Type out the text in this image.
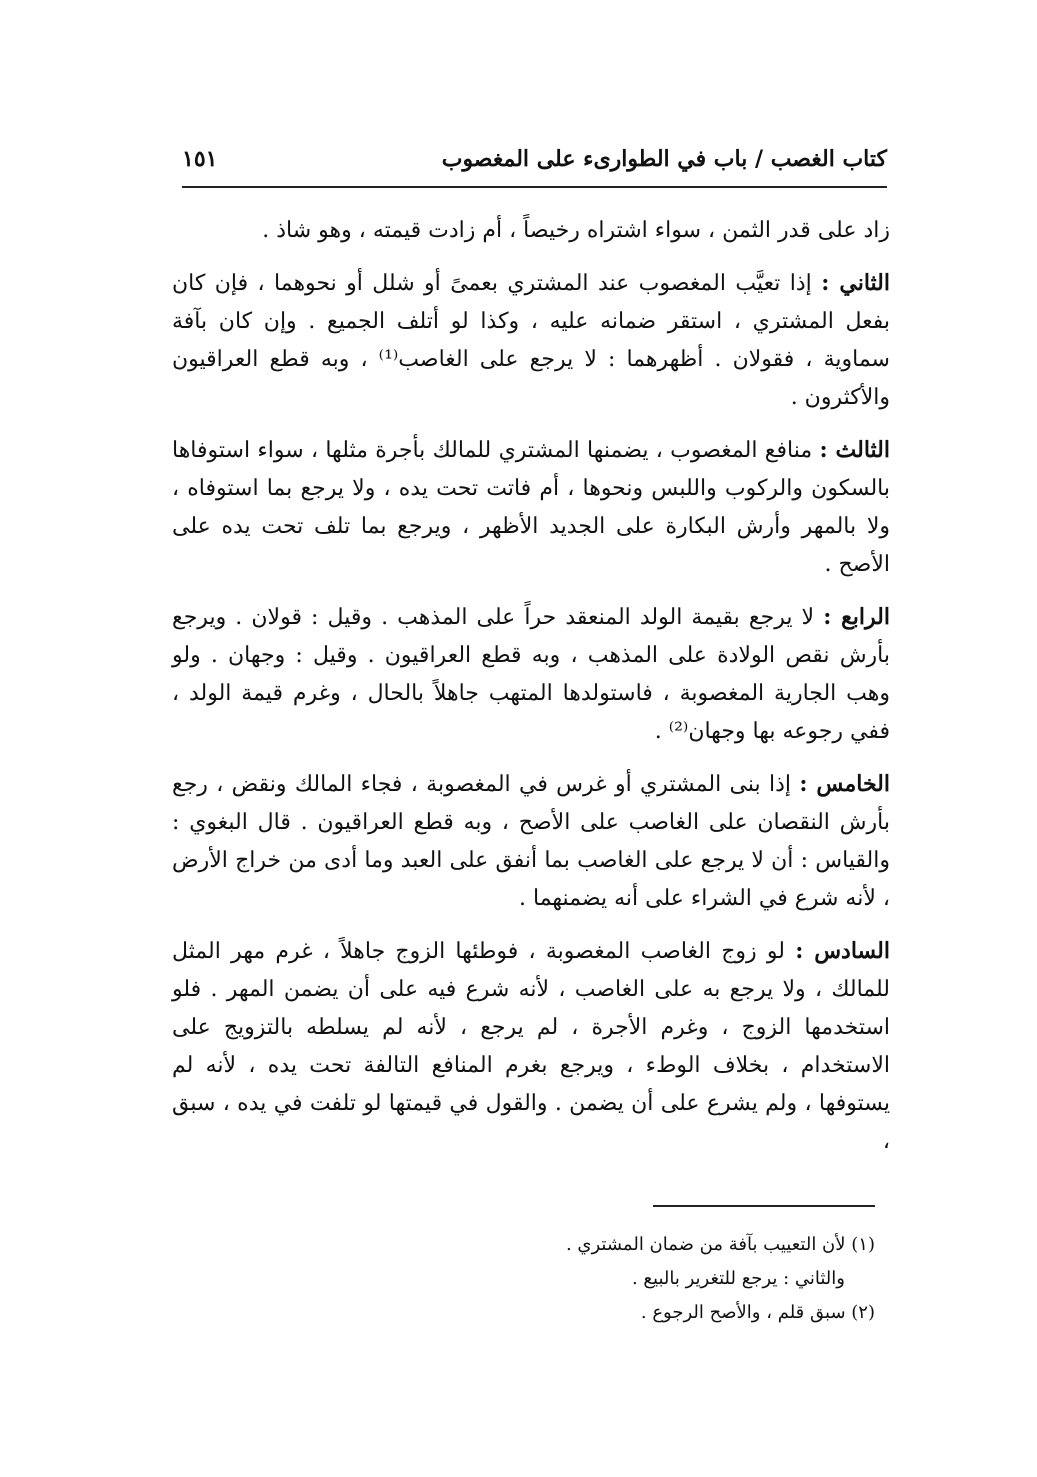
كتاب الغصب / باب في الطوارىء على المغصوب
١٥١

زاد على قدر الثمن ، سواء اشتراه رخيصاً ، أم زادت قيمته ، وهو شاذ .

الثاني : إذا تعيَّب المغصوب عند المشتري بعمىً أو شلل أو نحوهما ، فإن كان بفعل المشتري ، استقر ضمانه عليه ، وكذا لو أتلف الجميع . وإن كان بآفة سماوية ، فقولان . أظهرهما : لا يرجع على الغاصب⁽¹⁾ ، وبه قطع العراقيون والأكثرون .

الثالث : منافع المغصوب ، يضمنها المشتري للمالك بأجرة مثلها ، سواء استوفاها بالسكون والركوب واللبس ونحوها ، أم فاتت تحت يده ، ولا يرجع بما استوفاه ، ولا بالمهر وأرش البكارة على الجديد الأظهر ، ويرجع بما تلف تحت يده على الأصح .

الرابع : لا يرجع بقيمة الولد المنعقد حراً على المذهب . وقيل : قولان . ويرجع بأرش نقص الولادة على المذهب ، وبه قطع العراقيون . وقيل : وجهان . ولو وهب الجارية المغصوبة ، فاستولدها المتهب جاهلاً بالحال ، وغرم قيمة الولد ، ففي رجوعه بها وجهان⁽²⁾ .

الخامس : إذا بنى المشتري أو غرس في المغصوبة ، فجاء المالك ونقض ، رجع بأرش النقصان على الغاصب على الأصح ، وبه قطع العراقيون . قال البغوي : والقياس : أن لا يرجع على الغاصب بما أنفق على العبد وما أدى من خراج الأرض ، لأنه شرع في الشراء على أنه يضمنهما .

السادس : لو زوج الغاصب المغصوبة ، فوطئها الزوج جاهلاً ، غرم مهر المثل للمالك ، ولا يرجع به على الغاصب ، لأنه شرع فيه على أن يضمن المهر . فلو استخدمها الزوج ، وغرم الأجرة ، لم يرجع ، لأنه لم يسلطه بالتزويج على الاستخدام ، بخلاف الوطء ، ويرجع بغرم المنافع التالفة تحت يده ، لأنه لم يستوفها ، ولم يشرع على أن يضمن . والقول في قيمتها لو تلفت في يده ، سبق ،

(١) لأن التعييب بآفة من ضمان المشتري .
والثاني : يرجع للتغرير بالبيع .
(٢) سبق قلم ، والأصح الرجوع .
